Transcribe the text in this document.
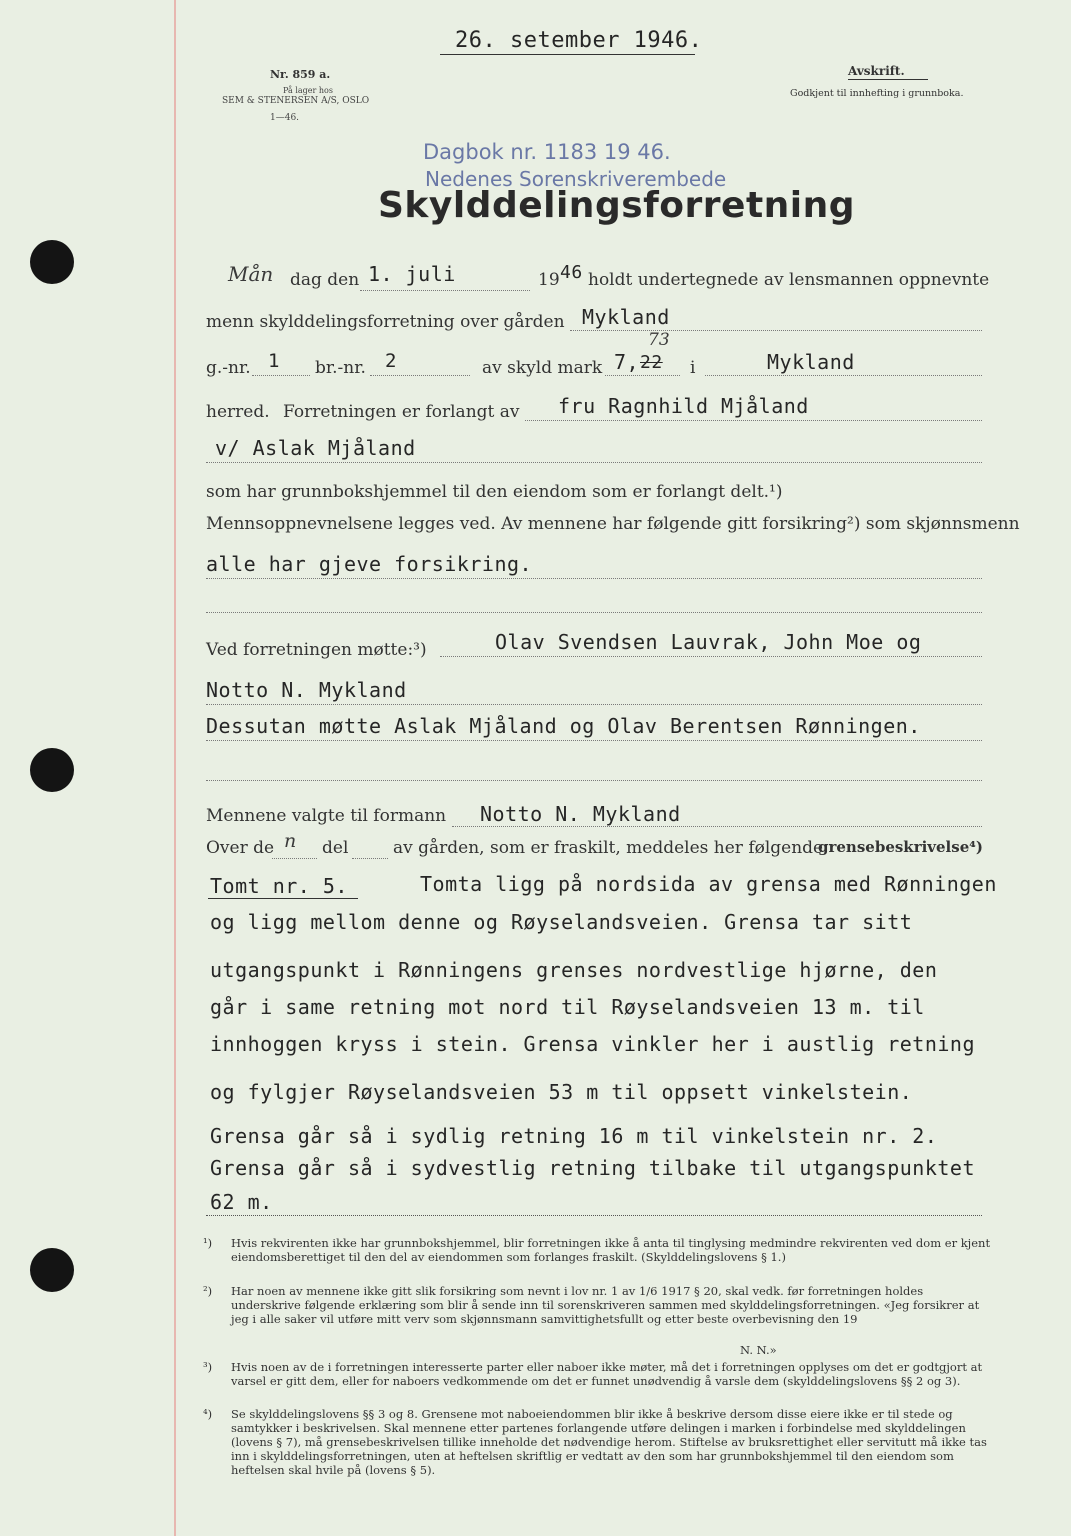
26. setember 1946.
Nr. 859 a.
På lager hos
SEM & STENERSEN A/S, OSLO
1—46.
Avskrift.
Godkjent til innhefting i grunnboka.
Dagbok nr. 1183 19 46.
Nedenes Sorenskriverembede
Skylddelingsforretning
Mån dag den 1. juli	19 46 holdt undertegnede av lensmannen oppnevnte
menn skylddelingsforretning over gården Mykland
g.-nr. 1 br.-nr. 2	av skyld mark 7, 22
73
i	Mykland
herred. Forretningen er forlangt av fru Ragnhild Mjåland
v/ Aslak Mjåland
som har grunnbokshjemmel til den eiendom som er forlangt delt.¹)
Mennsoppnevnelsene legges ved. Av mennene har følgende gitt forsikring²) som skjønnsmenn
alle har gjeve forsikring.
Ved forretningen møtte:³)	Olav Svendsen Lauvrak, John Moe og
Notto N. Mykland
Dessutan møtte Aslak Mjåland og Olav Berentsen Rønningen.
Mennene valgte til formann Notto N. Mykland
Over de n del	av gården, som er fraskilt, meddeles her følgende
grensebeskrivelse⁴)
Tomt nr. 5.	Tomta ligg på nordsida av grensa med Rønningen
og ligg mellom denne og Røyselandsveien. Grensa tar sitt
utgangspunkt i Rønningens grenses nordvestlige hjørne, den
går i same retning mot nord til Røyselandsveien 13 m. til
innhoggen kryss i stein. Grensa vinkler her i austlig retning
og fylgjer Røyselandsveien 53 m til oppsett vinkelstein.
Grensa går så i sydlig retning 16 m til vinkelstein nr. 2.
Grensa går så i sydvestlig retning tilbake til utgangspunktet
62 m.
¹) Hvis rekvirenten ikke har grunnbokshjemmel, blir forretningen ikke å anta til tinglysing medmindre rekvirenten ved dom er kjent eiendomsberettiget til den del av eiendommen som forlanges fraskilt. (Skylddelingslovens § 1.)
²) Har noen av mennene ikke gitt slik forsikring som nevnt i lov nr. 1 av 1/6 1917 § 20, skal vedk. før forretningen holdes underskrive følgende erklæring som blir å sende inn til sorenskriveren sammen med skylddelingsforretningen. «Jeg forsikrer at jeg i alle saker vil utføre mitt verv som skjønnsmann samvittighetsfullt og etter beste overbevisning den 19
N. N.»
³) Hvis noen av de i forretningen interesserte parter eller naboer ikke møter, må det i forretningen opplyses om det er godtgjort at varsel er gitt dem, eller for naboers vedkommende om det er funnet unødvendig å varsle dem (skylddelingslovens §§ 2 og 3).
⁴) Se skylddelingslovens §§ 3 og 8. Grensene mot naboeiendommen blir ikke å beskrive dersom disse eiere ikke er til stede og samtykker i beskrivelsen. Skal mennene etter partenes forlangende utføre delingen i marken i forbindelse med skylddelingen (lovens § 7), må grensebeskrivelsen tillike inneholde det nødvendige herom. Stiftelse av bruksrettighet eller servitutt må ikke tas inn i skylddelingsforretningen, uten at heftelsen skriftlig er vedtatt av den som har grunnbokshjemmel til den eiendom som heftelsen skal hvile på (lovens § 5).
